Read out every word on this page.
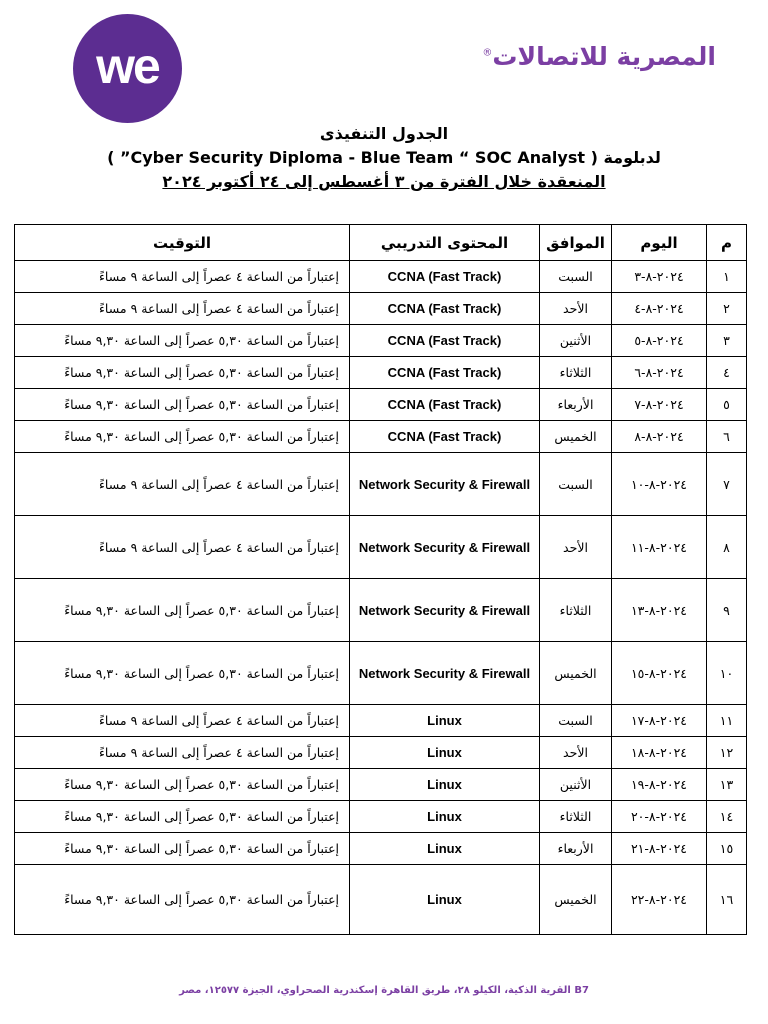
we	المصرية للاتصالات®
الجدول التنفيذى
لدبلومة ( Cyber Security Diploma - Blue Team “ SOC Analyst” )
المنعقدة خلال الفترة من ٣ أغسطس إلى ٢٤ أكتوبر ٢٠٢٤
م	اليوم	الموافق	المحتوى التدريبي	التوقيت
١	٢٠٢٤-٨-٣	السبت	CCNA (Fast Track)	إعتباراً من الساعة ٤ عصراً إلى الساعة ٩ مساءً
٢	٢٠٢٤-٨-٤	الأحد	CCNA (Fast Track)	إعتباراً من الساعة ٤ عصراً إلى الساعة ٩ مساءً
٣	٢٠٢٤-٨-٥	الأثنين	CCNA (Fast Track)	إعتباراً من الساعة ٥,٣٠ عصراً إلى الساعة ٩,٣٠ مساءً
٤	٢٠٢٤-٨-٦	الثلاثاء	CCNA (Fast Track)	إعتباراً من الساعة ٥,٣٠ عصراً إلى الساعة ٩,٣٠ مساءً
٥	٢٠٢٤-٨-٧	الأربعاء	CCNA (Fast Track)	إعتباراً من الساعة ٥,٣٠ عصراً إلى الساعة ٩,٣٠ مساءً
٦	٢٠٢٤-٨-٨	الخميس	CCNA (Fast Track)	إعتباراً من الساعة ٥,٣٠ عصراً إلى الساعة ٩,٣٠ مساءً
٧	٢٠٢٤-٨-١٠	السبت	Network Security & Firewall	إعتباراً من الساعة ٤ عصراً إلى الساعة ٩ مساءً
٨	٢٠٢٤-٨-١١	الأحد	Network Security & Firewall	إعتباراً من الساعة ٤ عصراً إلى الساعة ٩ مساءً
٩	٢٠٢٤-٨-١٣	الثلاثاء	Network Security & Firewall	إعتباراً من الساعة ٥,٣٠ عصراً إلى الساعة ٩,٣٠ مساءً
١٠	٢٠٢٤-٨-١٥	الخميس	Network Security & Firewall	إعتباراً من الساعة ٥,٣٠ عصراً إلى الساعة ٩,٣٠ مساءً
١١	٢٠٢٤-٨-١٧	السبت	Linux	إعتباراً من الساعة ٤ عصراً إلى الساعة ٩ مساءً
١٢	٢٠٢٤-٨-١٨	الأحد	Linux	إعتباراً من الساعة ٤ عصراً إلى الساعة ٩ مساءً
١٣	٢٠٢٤-٨-١٩	الأثنين	Linux	إعتباراً من الساعة ٥,٣٠ عصراً إلى الساعة ٩,٣٠ مساءً
١٤	٢٠٢٤-٨-٢٠	الثلاثاء	Linux	إعتباراً من الساعة ٥,٣٠ عصراً إلى الساعة ٩,٣٠ مساءً
١٥	٢٠٢٤-٨-٢١	الأربعاء	Linux	إعتباراً من الساعة ٥,٣٠ عصراً إلى الساعة ٩,٣٠ مساءً
١٦	٢٠٢٤-٨-٢٢	الخميس	Linux	إعتباراً من الساعة ٥,٣٠ عصراً إلى الساعة ٩,٣٠ مساءً
B7 القرية الذكية، الكيلو ٢٨، طريق القاهرة إسكندرية الصحراوي، الجيزة ١٢٥٧٧، مصر
